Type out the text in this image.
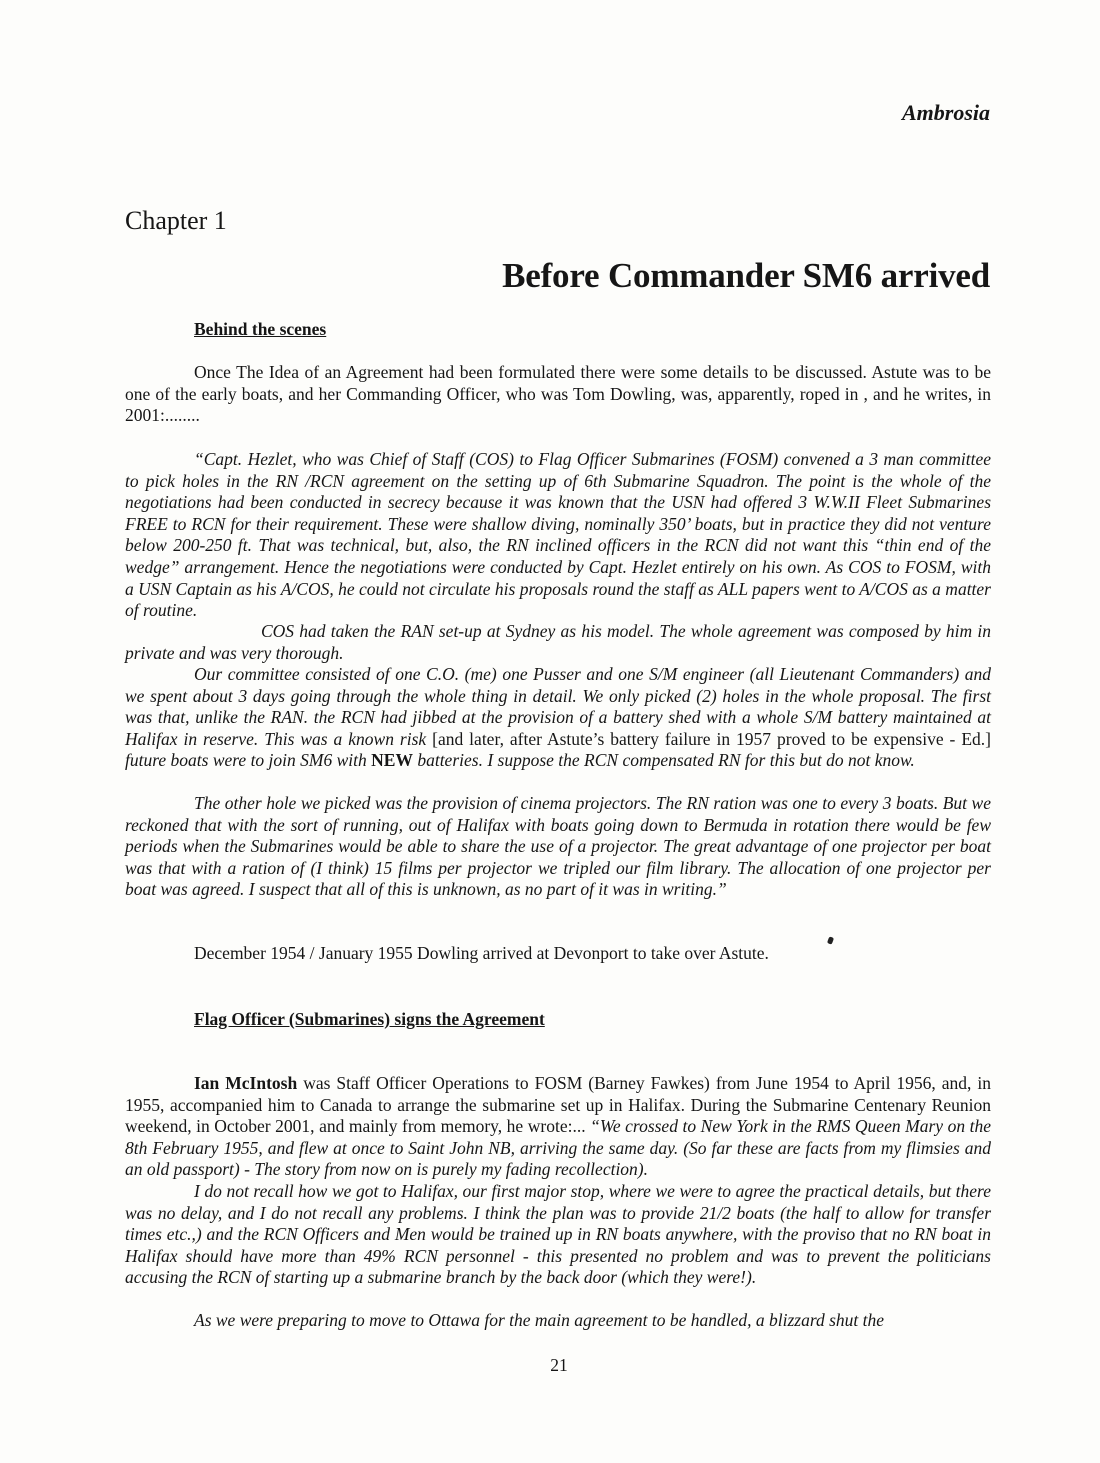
Ambrosia
Chapter 1
Before Commander SM6 arrived
Behind the scenes
Once The Idea of an Agreement had been formulated there were some details to be discussed. Astute was to be one of the early boats, and her Commanding Officer, who was Tom Dowling, was, apparently, roped in , and he writes, in 2001:........
“Capt. Hezlet, who was Chief of Staff (COS) to Flag Officer Submarines (FOSM) convened a 3 man committee to pick holes in the RN /RCN agreement on the setting up of 6th Submarine Squadron. The point is the whole of the negotiations had been conducted in secrecy because it was known that the USN had offered 3 W.W.II Fleet Submarines FREE to RCN for their requirement. These were shallow diving, nominally 350’ boats, but in practice they did not venture below 200-250 ft. That was technical, but, also, the RN inclined officers in the RCN did not want this “thin end of the wedge” arrangement. Hence the negotiations were conducted by Capt. Hezlet entirely on his own. As COS to FOSM, with a USN Captain as his A/COS, he could not circulate his proposals round the staff as ALL papers went to A/COS as a matter of routine.
COS had taken the RAN set-up at Sydney as his model. The whole agreement was composed by him in private and was very thorough.
Our committee consisted of one C.O. (me) one Pusser and one S/M engineer (all Lieutenant Commanders) and we spent about 3 days going through the whole thing in detail. We only picked (2) holes in the whole proposal. The first was that, unlike the RAN. the RCN had jibbed at the provision of a battery shed with a whole S/M battery maintained at Halifax in reserve. This was a known risk [and later, after Astute’s battery failure in 1957 proved to be expensive - Ed.] future boats were to join SM6 with NEW batteries. I suppose the RCN compensated RN for this but do not know.
The other hole we picked was the provision of cinema projectors. The RN ration was one to every 3 boats. But we reckoned that with the sort of running, out of Halifax with boats going down to Bermuda in rotation there would be few periods when the Submarines would be able to share the use of a projector. The great advantage of one projector per boat was that with a ration of (I think) 15 films per projector we tripled our film library. The allocation of one projector per boat was agreed. I suspect that all of this is unknown, as no part of it was in writing.”
December 1954 / January 1955 Dowling arrived at Devonport to take over Astute.
Flag Officer (Submarines) signs the Agreement
Ian McIntosh was Staff Officer Operations to FOSM (Barney Fawkes) from June 1954 to April 1956, and, in 1955, accompanied him to Canada to arrange the submarine set up in Halifax. During the Submarine Centenary Reunion weekend, in October 2001, and mainly from memory, he wrote:... “We crossed to New York in the RMS Queen Mary on the 8th February 1955, and flew at once to Saint John NB, arriving the same day. (So far these are facts from my flimsies and an old passport) - The story from now on is purely my fading recollection).
I do not recall how we got to Halifax, our first major stop, where we were to agree the practical details, but there was no delay, and I do not recall any problems. I think the plan was to provide 21/2 boats (the half to allow for transfer times etc.,) and the RCN Officers and Men would be trained up in RN boats anywhere, with the proviso that no RN boat in Halifax should have more than 49% RCN personnel - this presented no problem and was to prevent the politicians accusing the RCN of starting up a submarine branch by the back door (which they were!).
As we were preparing to move to Ottawa for the main agreement to be handled, a blizzard shut the
21
